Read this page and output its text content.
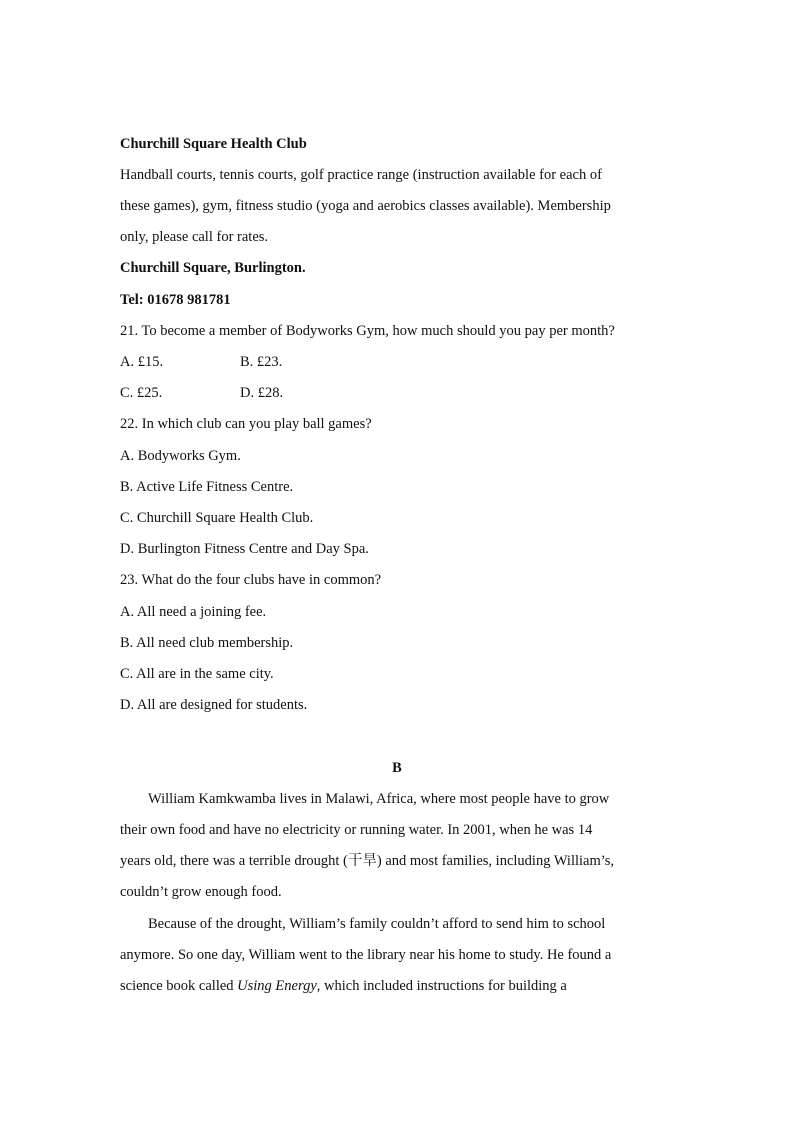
Churchill Square Health Club
Handball courts, tennis courts, golf practice range (instruction available for each of
these games), gym, fitness studio (yoga and aerobics classes available). Membership
only, please call for rates.
Churchill Square, Burlington.
Tel: 01678 981781
21. To become a member of Bodyworks Gym, how much should you pay per month?
A. £15.	B. £23.
C. £25.	D. £28.
22. In which club can you play ball games?
A. Bodyworks Gym.
B. Active Life Fitness Centre.
C. Churchill Square Health Club.
D. Burlington Fitness Centre and Day Spa.
23. What do the four clubs have in common?
A. All need a joining fee.
B. All need club membership.
C. All are in the same city.
D. All are designed for students.
B
William Kamkwamba lives in Malawi, Africa, where most people have to grow
their own food and have no electricity or running water. In 2001, when he was 14
years old, there was a terrible drought (干旱) and most families, including William’s,
couldn’t grow enough food.
Because of the drought, William’s family couldn’t afford to send him to school
anymore. So one day, William went to the library near his home to study. He found a
science book called Using Energy, which included instructions for building a
